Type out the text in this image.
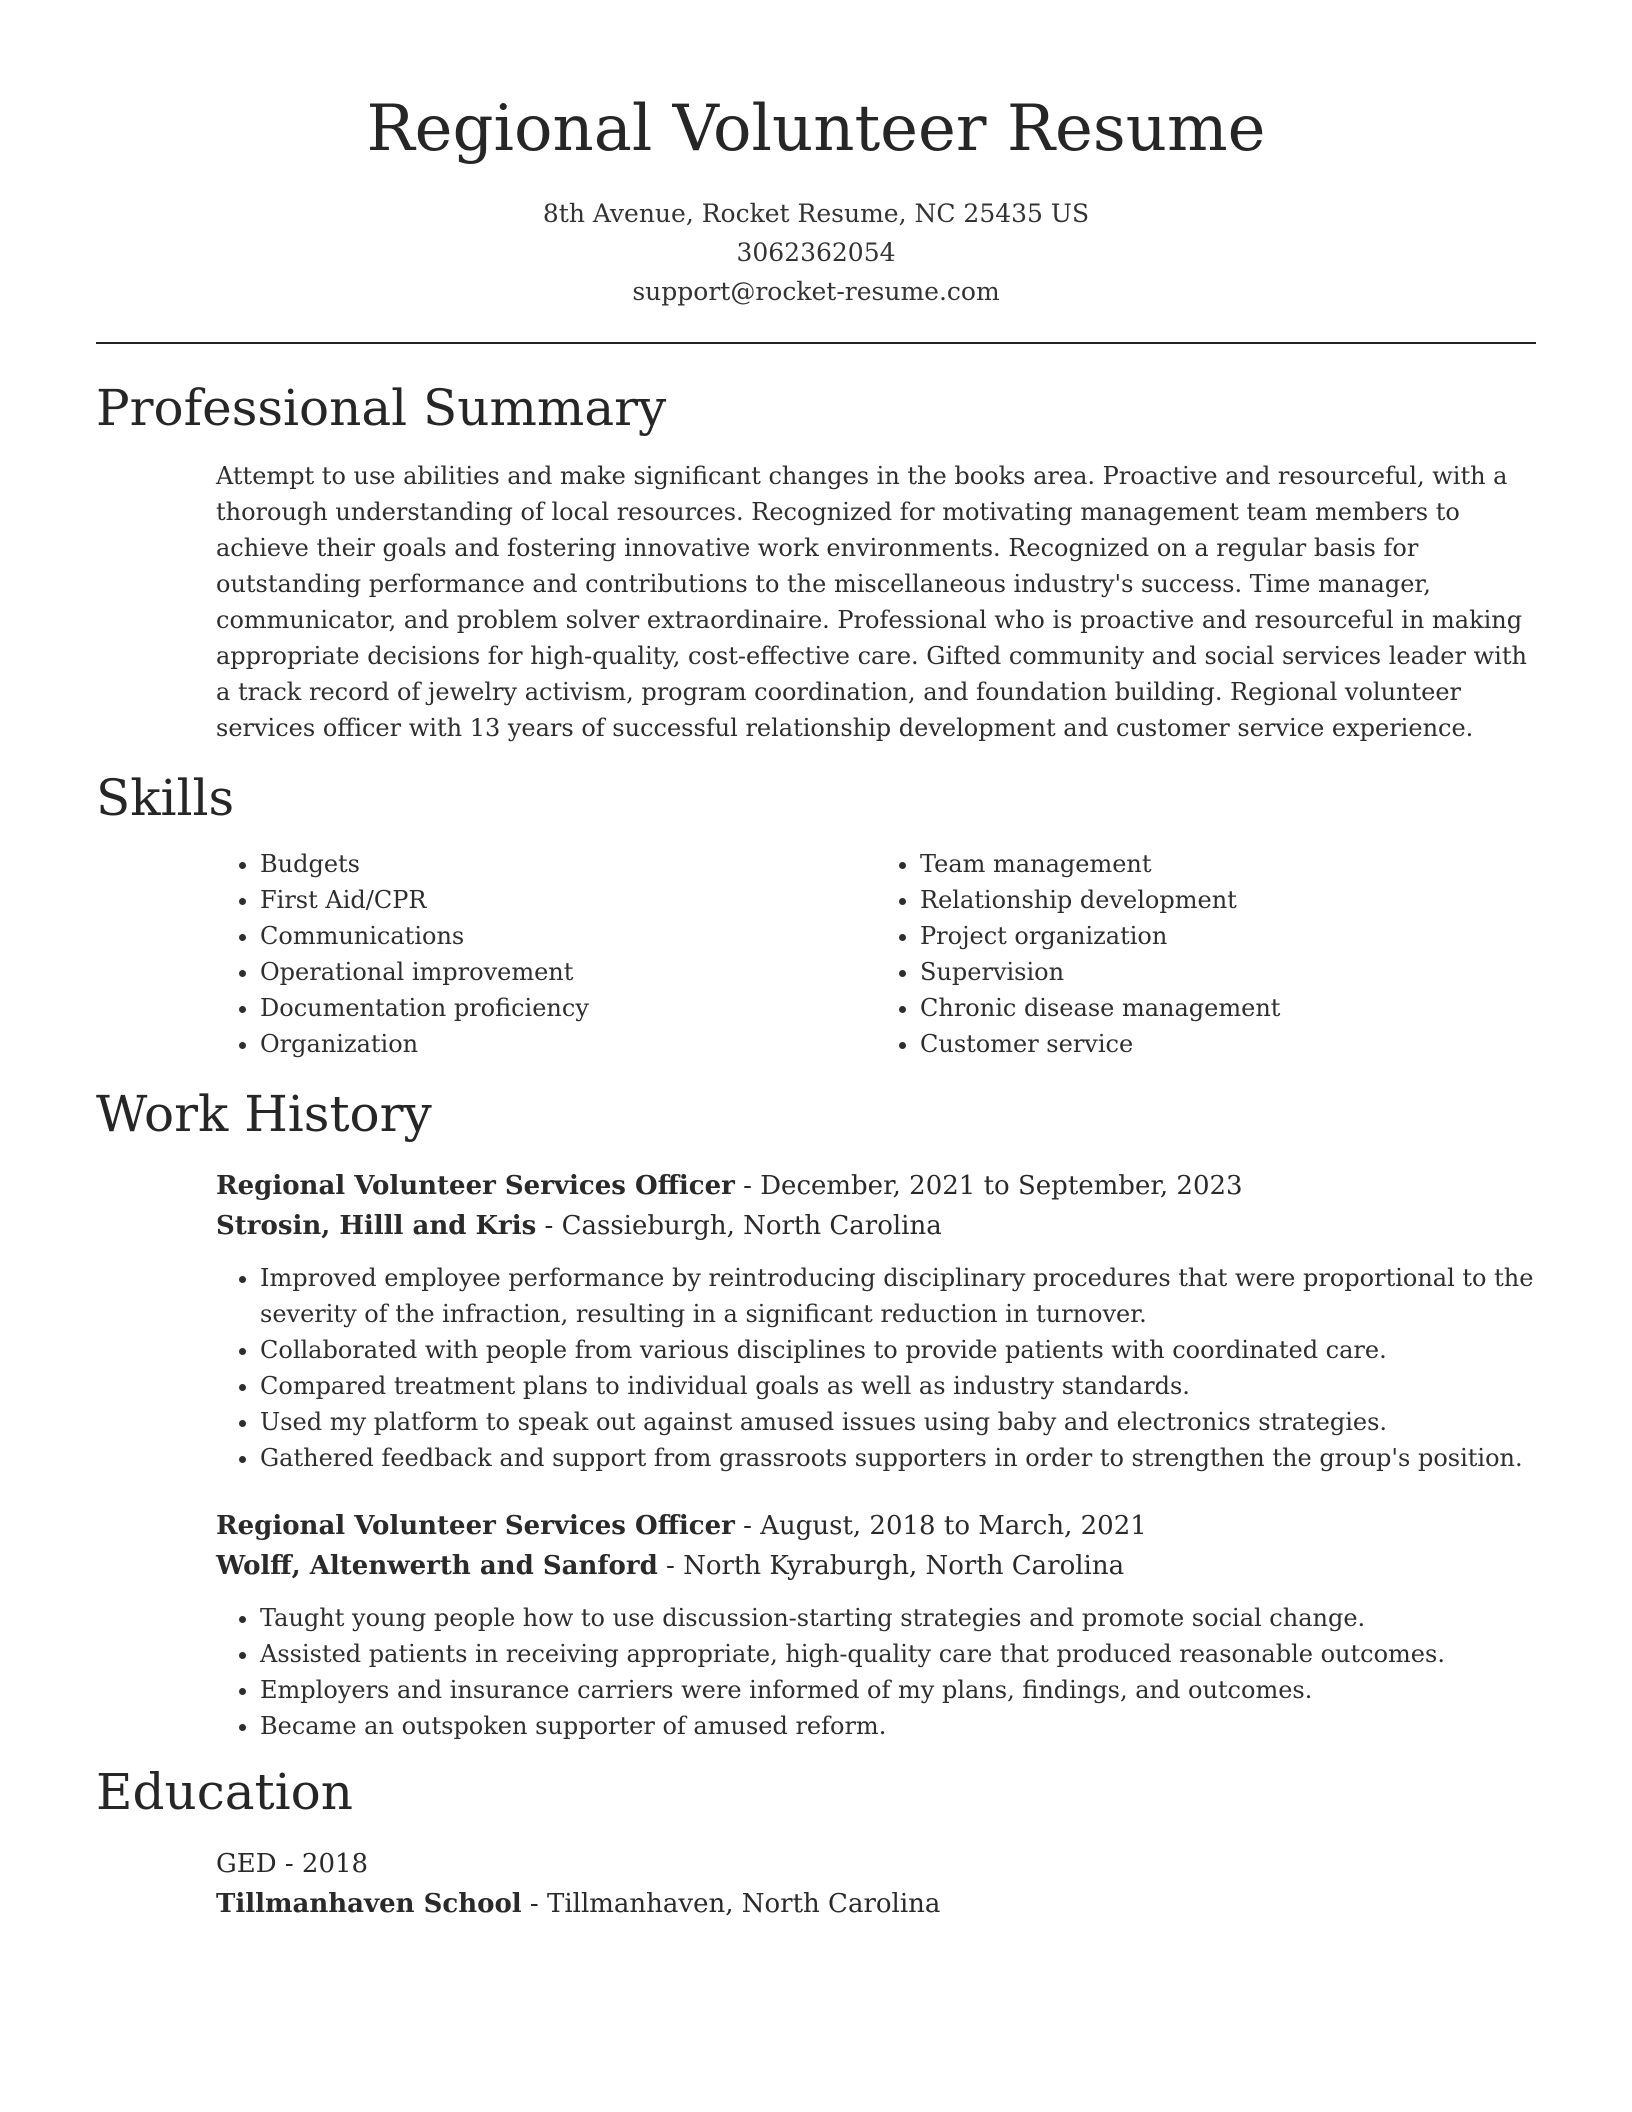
Regional Volunteer Resume
8th Avenue, Rocket Resume, NC 25435 US
3062362054
support@rocket-resume.com
Professional Summary

Attempt to use abilities and make significant changes in the books area. Proactive and resourceful, with a thorough understanding of local resources. Recognized for motivating management team members to achieve their goals and fostering innovative work environments. Recognized on a regular basis for outstanding performance and contributions to the miscellaneous industry's success. Time manager, communicator, and problem solver extraordinaire. Professional who is proactive and resourceful in making appropriate decisions for high-quality, cost-effective care. Gifted community and social services leader with a track record of jewelry activism, program coordination, and foundation building. Regional volunteer services officer with 13 years of successful relationship development and customer service experience.

Skills
• Budgets
• First Aid/CPR
• Communications
• Operational improvement
• Documentation proficiency
• Organization
• Team management
• Relationship development
• Project organization
• Supervision
• Chronic disease management
• Customer service
Work History
Regional Volunteer Services Officer - December, 2021 to September, 2023
Strosin, Hilll and Kris - Cassieburgh, North Carolina
• Improved employee performance by reintroducing disciplinary procedures that were proportional to the severity of the infraction, resulting in a significant reduction in turnover.
• Collaborated with people from various disciplines to provide patients with coordinated care.
• Compared treatment plans to individual goals as well as industry standards.
• Used my platform to speak out against amused issues using baby and electronics strategies.
• Gathered feedback and support from grassroots supporters in order to strengthen the group's position.
Regional Volunteer Services Officer - August, 2018 to March, 2021
Wolff, Altenwerth and Sanford - North Kyraburgh, North Carolina
• Taught young people how to use discussion-starting strategies and promote social change.
• Assisted patients in receiving appropriate, high-quality care that produced reasonable outcomes.
• Employers and insurance carriers were informed of my plans, findings, and outcomes.
• Became an outspoken supporter of amused reform.
Education
GED - 2018
Tillmanhaven School - Tillmanhaven, North Carolina
